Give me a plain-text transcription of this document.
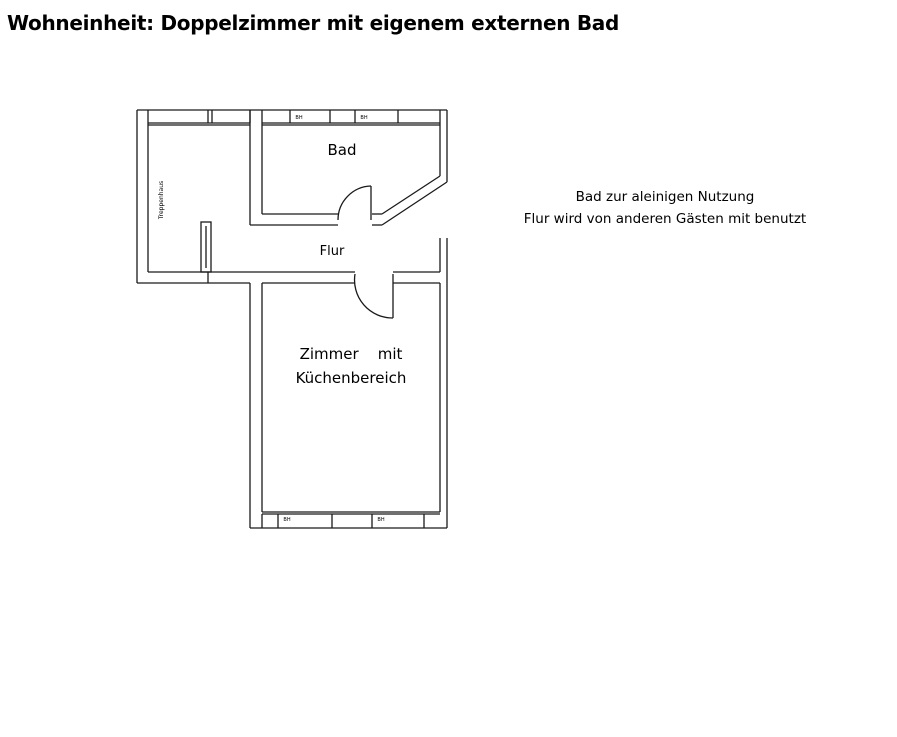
Wohneinheit: Doppelzimmer mit eigenem externen Bad
BH	BH
BH	BH
Bad
Flur
Zimmer    mit
Küchenbereich
Treppenhaus	Bad zur aleinigen Nutzung
Flur wird von anderen Gästen mit benutzt
